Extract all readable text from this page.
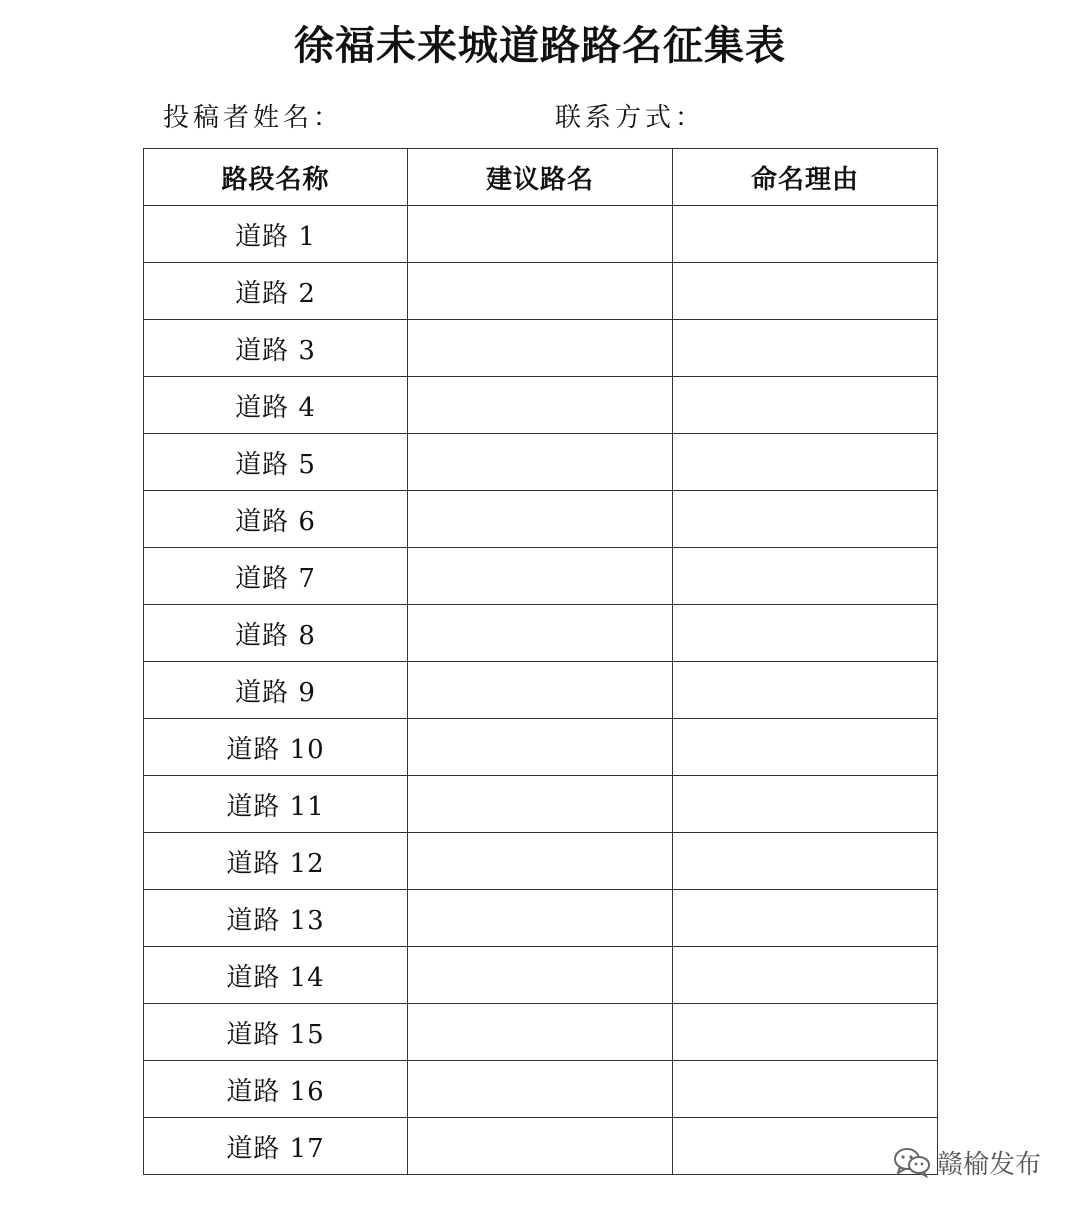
徐福未来城道路路名征集表
投稿者姓名：	联系方式：
路段名称	建议路名	命名理由
道路 1		
道路 2		
道路 3		
道路 4		
道路 5		
道路 6		
道路 7		
道路 8		
道路 9		
道路 10		
道路 11		
道路 12		
道路 13		
道路 14		
道路 15		
道路 16		
道路 17		
赣榆发布
